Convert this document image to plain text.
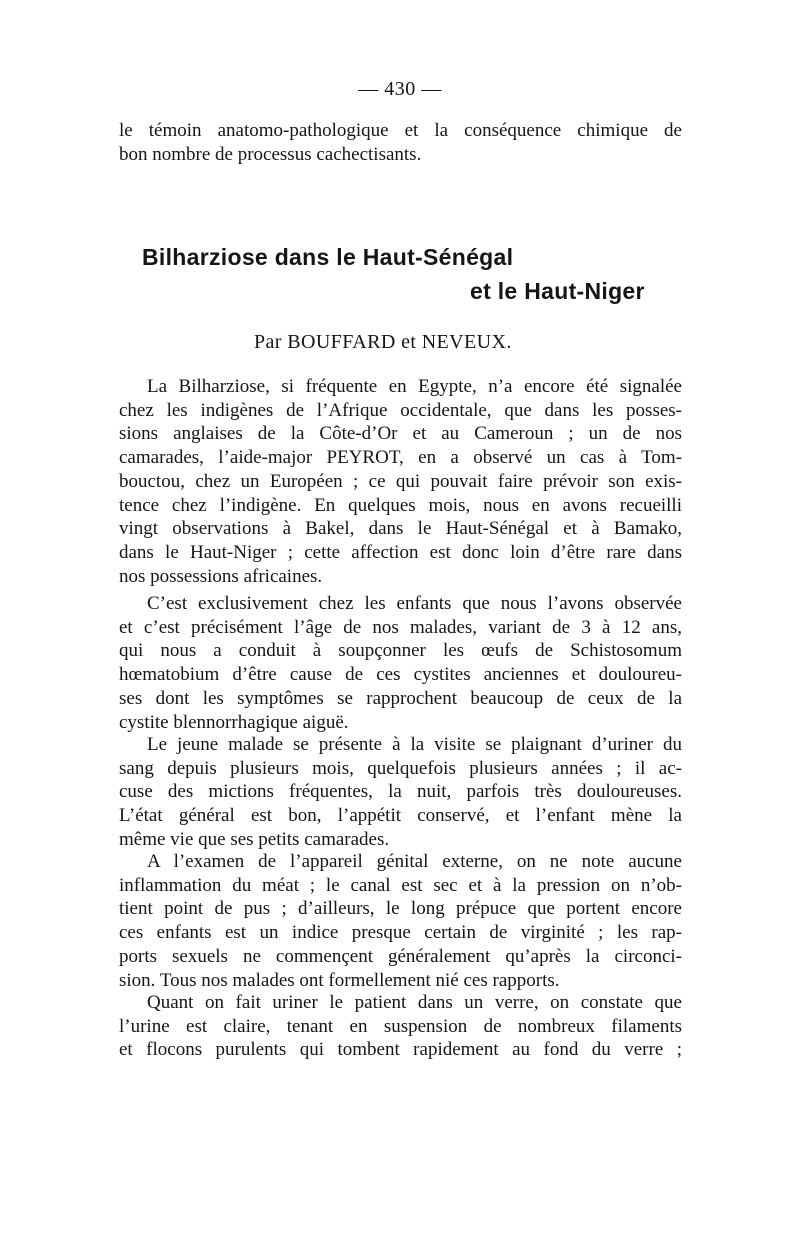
— 430 —
le témoin anatomo-pathologique et la conséquence chimique de
bon nombre de processus cachectisants.
Bilharziose dans le Haut-Sénégal
et le Haut-Niger
Par BOUFFARD et NEVEUX.
La Bilharziose, si fréquente en Egypte, n’a encore été signalée
chez les indigènes de l’Afrique occidentale, que dans les posses-
sions anglaises de la Côte-d’Or et au Cameroun ; un de nos
camarades, l’aide-major PEYROT, en a observé un cas à Tom-
bouctou, chez un Européen ; ce qui pouvait faire prévoir son exis-
tence chez l’indigène. En quelques mois, nous en avons recueilli
vingt observations à Bakel, dans le Haut-Sénégal et à Bamako,
dans le Haut-Niger ; cette affection est donc loin d’être rare dans
nos possessions africaines.
C’est exclusivement chez les enfants que nous l’avons observée
et c’est précisément l’âge de nos malades, variant de 3 à 12 ans,
qui nous a conduit à soupçonner les œufs de Schistosomum
hœmatobium d’être cause de ces cystites anciennes et douloureu-
ses dont les symptômes se rapprochent beaucoup de ceux de la
cystite blennorrhagique aiguë.
Le jeune malade se présente à la visite se plaignant d’uriner du
sang depuis plusieurs mois, quelquefois plusieurs années ; il ac-
cuse des mictions fréquentes, la nuit, parfois très douloureuses.
L’état général est bon, l’appétit conservé, et l’enfant mène la
même vie que ses petits camarades.
A l’examen de l’appareil génital externe, on ne note aucune
inflammation du méat ; le canal est sec et à la pression on n’ob-
tient point de pus ; d’ailleurs, le long prépuce que portent encore
ces enfants est un indice presque certain de virginité ; les rap-
ports sexuels ne commençent généralement qu’après la circonci-
sion. Tous nos malades ont formellement nié ces rapports.
Quant on fait uriner le patient dans un verre, on constate que
l’urine est claire, tenant en suspension de nombreux filaments
et flocons purulents qui tombent rapidement au fond du verre ;
